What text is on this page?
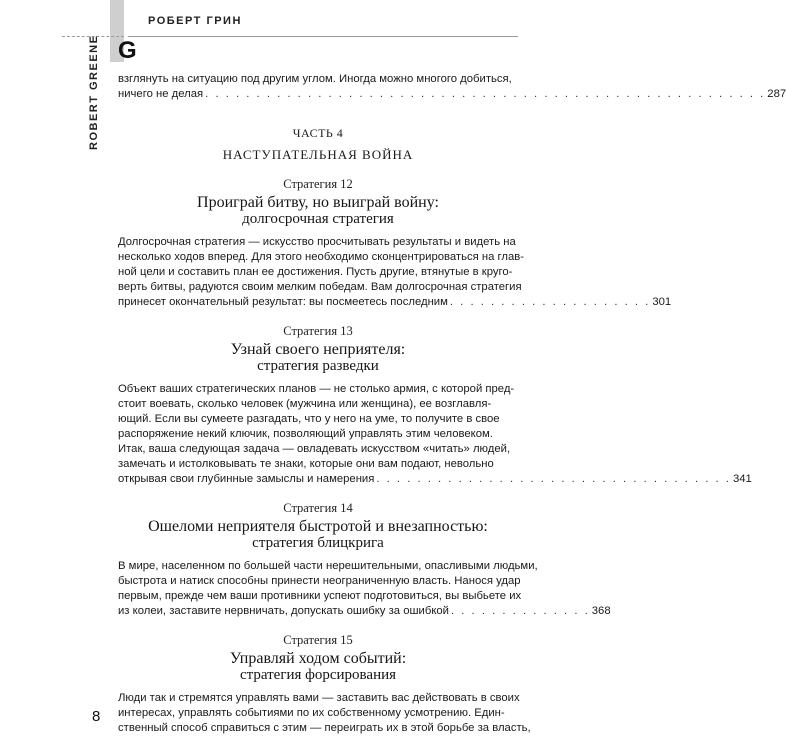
РОБЕРТ ГРИН
G
ROBERT GREENE взглянуть на ситуацию под другим углом. Иногда можно многого добиться,
ничего не делая . . . . . . . . . . . . . . . . . . . . . . . . . . . . . . . . . . . . . . . . . . . . . . . . . . . . . . . 287
ЧАСТЬ 4
НАСТУПАТЕЛЬНАЯ ВОЙНА
Стратегия 12
Проиграй битву, но выиграй войну:
долгосрочная стратегия
Долгосрочная стратегия — искусство просчитывать результаты и видеть на
несколько ходов вперед. Для этого необходимо сконцентрироваться на глав-
ной цели и составить план ее достижения. Пусть другие, втянутые в круго-
верть битвы, радуются своим мелким победам. Вам долгосрочная стратегия
принесет окончательный результат: вы посмеетесь последним . . . . . . . . . . . . . . . . . . . . 301
Стратегия 13
Узнай своего неприятеля:
стратегия разведки
Объект ваших стратегических планов — не столько армия, с которой пред-
стоит воевать, сколько человек (мужчина или женщина), ее возглавля-
ющий. Если вы сумеете разгадать, что у него на уме, то получите в свое
распоряжение некий ключик, позволяющий управлять этим человеком.
Итак, ваша следующая задача — овладевать искусством «читать» людей,
замечать и истолковывать те знаки, которые они вам подают, невольно
открывая свои глубинные замыслы и намерения . . . . . . . . . . . . . . . . . . . . . . . . . . . . . . . . . . . 341
Стратегия 14
Ошеломи неприятеля быстротой и внезапностью:
стратегия блицкрига
В мире, населенном по большей части нерешительными, опасливыми людьми,
быстрота и натиск способны принести неограниченную власть. Нанося удар
первым, прежде чем ваши противники успеют подготовиться, вы выбьете их
из колеи, заставите нервничать, допускать ошибку за ошибкой . . . . . . . . . . . . . . 368
Стратегия 15
Управляй ходом событий:
стратегия форсирования
Люди так и стремятся управлять вами — заставить вас действовать в своих
интересах, управлять событиями по их собственному усмотрению. Един-
ственный способ справиться с этим — переиграть их в этой борьбе за власть,
8
